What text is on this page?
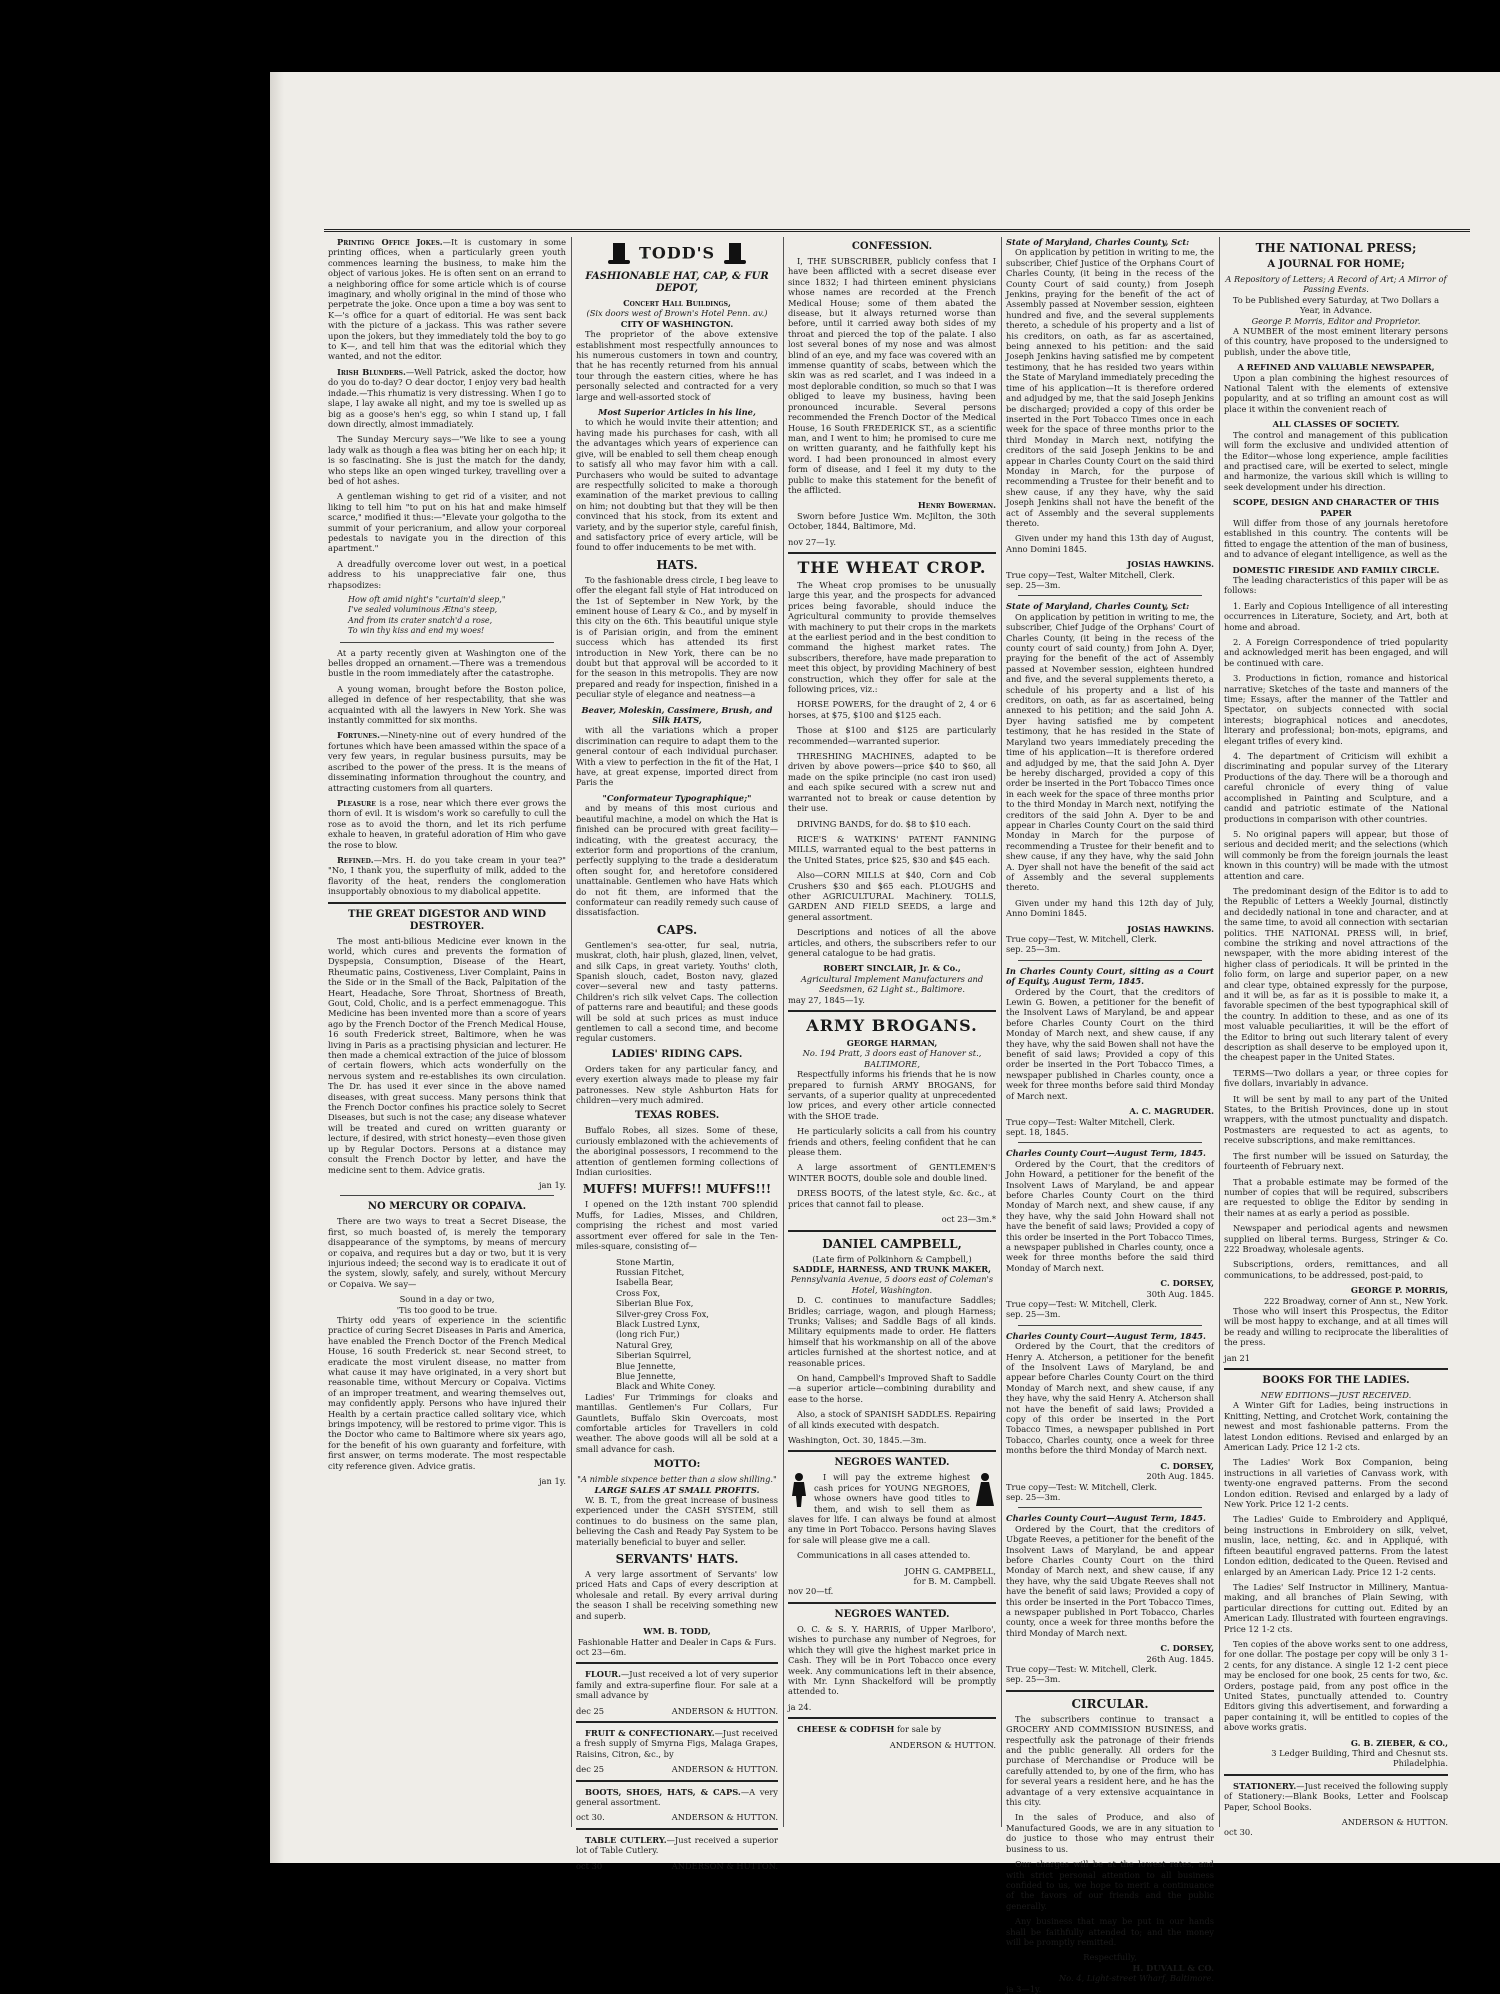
Printing Office Jokes.—It is customary in some printing offices, when a particularly green youth commences learning the business, to make him the object of various jokes. He is often sent on an errand to a neighboring office for some article which is of course imaginary, and wholly original in the mind of those who perpetrate the joke. Once upon a time a boy was sent to K—'s office for a quart of editorial. He was sent back with the picture of a jackass. This was rather severe upon the jokers, but they immediately told the boy to go to K—, and tell him that was the editorial which they wanted, and not the editor.

Irish Blunders.—Well Patrick, asked the doctor, how do you do to-day? O dear doctor, I enjoy very bad health indade.—This rhumatiz is very distressing. When I go to slape, I lay awake all night, and my toe is swelled up as big as a goose's hen's egg, so whin I stand up, I fall down directly, almost immadiately.

The Sunday Mercury says—"We like to see a young lady walk as though a flea was biting her on each hip; it is so fascinating. She is just the match for the dandy, who steps like an open winged turkey, travelling over a bed of hot ashes.

A gentleman wishing to get rid of a visiter, and not liking to tell him "to put on his hat and make himself scarce," modified it thus:—"Elevate your golgotha to the summit of your pericranium, and allow your corporeal pedestals to navigate you in the direction of this apartment."

A dreadfully overcome lover out west, in a poetical address to his unappreciative fair one, thus rhapsodizes:

How oft amid night's "curtain'd sleep,"
I've sealed voluminous Ætna's steep,
And from its crater snatch'd a rose,
To win thy kiss and end my woes!

At a party recently given at Washington one of the belles dropped an ornament.—There was a tremendous bustle in the room immediately after the catastrophe.

A young woman, brought before the Boston police, alleged in defence of her respectability, that she was acquainted with all the lawyers in New York. She was instantly committed for six months.

Fortunes.—Ninety-nine out of every hundred of the fortunes which have been amassed within the space of a very few years, in regular business pursuits, may be ascribed to the power of the press. It is the means of disseminating information throughout the country, and attracting customers from all quarters.

Pleasure is a rose, near which there ever grows the thorn of evil. It is wisdom's work so carefully to cull the rose as to avoid the thorn, and let its rich perfume exhale to heaven, in grateful adoration of Him who gave the rose to blow.

Refined.—Mrs. H. do you take cream in your tea?" "No, I thank you, the superfluity of milk, added to the flavority of the heat, renders the conglomeration insupportably obnoxious to my diabolical appetite.

THE GREAT DIGESTOR AND WIND DESTROYER.

The most anti-bilious Medicine ever known in the world, which cures and prevents the formation of Dyspepsia, Consumption, Disease of the Heart, Rheumatic pains, Costiveness, Liver Complaint, Pains in the Side or in the Small of the Back, Palpitation of the Heart, Headache, Sore Throat, Shortness of Breath, Gout, Cold, Cholic, and is a perfect emmenagogue. This Medicine has been invented more than a score of years ago by the French Doctor of the French Medical House, 16 south Frederick street, Baltimore, when he was living in Paris as a practising physician and lecturer. He then made a chemical extraction of the juice of blossom of certain flowers, which acts wonderfully on the nervous system and re-establishes its own circulation. The Dr. has used it ever since in the above named diseases, with great success. Many persons think that the French Doctor confines his practice solely to Secret Diseases, but such is not the case; any disease whatever will be treated and cured on written guaranty or lecture, if desired, with strict honesty—even those given up by Regular Doctors. Persons at a distance may consult the French Doctor by letter, and have the medicine sent to them. Advice gratis.

jan 1y.
NO MERCURY OR COPAIVA.

There are two ways to treat a Secret Disease, the first, so much boasted of, is merely the temporary disappearance of the symptoms, by means of mercury or copaiva, and requires but a day or two, but it is very injurious indeed; the second way is to eradicate it out of the system, slowly, safely, and surely, without Mercury or Copaiva. We say—

Sound in a day or two,
'Tis too good to be true.

Thirty odd years of experience in the scientific practice of curing Secret Diseases in Paris and America, have enabled the French Doctor of the French Medical House, 16 south Frederick st. near Second street, to eradicate the most virulent disease, no matter from what cause it may have originated, in a very short but reasonable time, without Mercury or Copaiva. Victims of an improper treatment, and wearing themselves out, may confidently apply. Persons who have injured their Health by a certain practice called solitary vice, which brings impotency, will be restored to prime vigor. This is the Doctor who came to Baltimore where six years ago, for the benefit of his own guaranty and forfeiture, with first answer, on terms moderate. The most respectable city reference given. Advice gratis.

jan 1y.
TODD'S
FASHIONABLE HAT, CAP, & FUR DEPOT,
Concert Hall Buildings,
(Six doors west of Brown's Hotel Penn. av.)
CITY OF WASHINGTON.

The proprietor of the above extensive establishment most respectfully announces to his numerous customers in town and country, that he has recently returned from his annual tour through the eastern cities, where he has personally selected and contracted for a very large and well-assorted stock of

Most Superior Articles in his line,

to which he would invite their attention; and having made his purchases for cash, with all the advantages which years of experience can give, will be enabled to sell them cheap enough to satisfy all who may favor him with a call. Purchasers who would be suited to advantage are respectfully solicited to make a thorough examination of the market previous to calling on him; not doubting but that they will be then convinced that his stock, from its extent and variety, and by the superior style, careful finish, and satisfactory price of every article, will be found to offer inducements to be met with.

HATS.

To the fashionable dress circle, I beg leave to offer the elegant fall style of Hat introduced on the 1st of September in New York, by the eminent house of Leary & Co., and by myself in this city on the 6th. This beautiful unique style is of Parisian origin, and from the eminent success which has attended its first introduction in New York, there can be no doubt but that approval will be accorded to it for the season in this metropolis. They are now prepared and ready for inspection, finished in a peculiar style of elegance and neatness—a

Beaver, Moleskin, Cassimere, Brush, and Silk HATS,

with all the variations which a proper discrimination can require to adapt them to the general contour of each individual purchaser. With a view to perfection in the fit of the Hat, I have, at great expense, imported direct from Paris the

"Conformateur Typographique;"

and by means of this most curious and beautiful machine, a model on which the Hat is finished can be procured with great facility—indicating, with the greatest accuracy, the exterior form and proportions of the cranium, perfectly supplying to the trade a desideratum often sought for, and heretofore considered unattainable. Gentlemen who have Hats which do not fit them, are informed that the conformateur can readily remedy such cause of dissatisfaction.

CAPS.

Gentlemen's sea-otter, fur seal, nutria, muskrat, cloth, hair plush, glazed, linen, velvet, and silk Caps, in great variety. Youths' cloth, Spanish slouch, cadet, Boston navy, glazed cover—several new and tasty patterns. Children's rich silk velvet Caps. The collection of patterns rare and beautiful; and these goods will be sold at such prices as must induce gentlemen to call a second time, and become regular customers.

LADIES' RIDING CAPS.

Orders taken for any particular fancy, and every exertion always made to please my fair patronesses. New style Ashburton Hats for children—very much admired.

TEXAS ROBES.

Buffalo Robes, all sizes. Some of these, curiously emblazoned with the achievements of the aboriginal possessors, I recommend to the attention of gentlemen forming collections of Indian curiosities.

MUFFS! MUFFS!! MUFFS!!!

I opened on the 12th instant 700 splendid Muffs, for Ladies, Misses, and Children, comprising the richest and most varied assortment ever offered for sale in the Ten-miles-square, consisting of—

Stone Martin,
Russian Fitchet,
Isabella Bear,
Cross Fox,
Siberian Blue Fox,
Silver-grey Cross Fox,
Black Lustred Lynx,
(long rich Fur,)
Natural Grey,
Siberian Squirrel,
Blue Jennette,
Blue Jennette,
Black and White Coney.

Ladies' Fur Trimmings for cloaks and mantillas. Gentlemen's Fur Collars, Fur Gauntlets, Buffalo Skin Overcoats, most comfortable articles for Travellers in cold weather. The above goods will all be sold at a small advance for cash.

MOTTO:
"A nimble sixpence better than a slow shilling."
LARGE SALES AT SMALL PROFITS.

W. B. T., from the great increase of business experienced under the CASH SYSTEM, still continues to do business on the same plan, believing the Cash and Ready Pay System to be materially beneficial to buyer and seller.

SERVANTS' HATS.

A very large assortment of Servants' low priced Hats and Caps of every description at wholesale and retail. By every arrival during the season I shall be receiving something new and superb.

WM. B. TODD,
Fashionable Hatter and Dealer in Caps & Furs.
oct 23—6m.

FLOUR.—Just received a lot of very superior family and extra-superfine flour. For sale at a small advance by

dec 25	ANDERSON & HUTTON.

FRUIT & CONFECTIONARY.—Just received a fresh supply of Smyrna Figs, Malaga Grapes, Raisins, Citron, &c., by

dec 25	ANDERSON & HUTTON.

BOOTS, SHOES, HATS, & CAPS.—A very general assortment.

oct 30.	ANDERSON & HUTTON.

TABLE CUTLERY.—Just received a superior lot of Table Cutlery.

oct 30	ANDERSON & HUTTON.
CONFESSION.

I, THE SUBSCRIBER, publicly confess that I have been afflicted with a secret disease ever since 1832; I had thirteen eminent physicians whose names are recorded at the French Medical House; some of them abated the disease, but it always returned worse than before, until it carried away both sides of my throat and pierced the top of the palate. I also lost several bones of my nose and was almost blind of an eye, and my face was covered with an immense quantity of scabs, between which the skin was as red scarlet, and I was indeed in a most deplorable condition, so much so that I was obliged to leave my business, having been pronounced incurable. Several persons recommended the French Doctor of the Medical House, 16 South FREDERICK ST., as a scientific man, and I went to him; he promised to cure me on written guaranty, and he faithfully kept his word. I had been pronounced in almost every form of disease, and I feel it my duty to the public to make this statement for the benefit of the afflicted.

Henry Bowerman.

Sworn before Justice Wm. McJilton, the 30th October, 1844, Baltimore, Md.

nov 27—1y.
THE WHEAT CROP.

The Wheat crop promises to be unusually large this year, and the prospects for advanced prices being favorable, should induce the Agricultural community to provide themselves with machinery to put their crops in the markets at the earliest period and in the best condition to command the highest market rates. The subscribers, therefore, have made preparation to meet this object, by providing Machinery of best construction, which they offer for sale at the following prices, viz.:

HORSE POWERS, for the draught of 2, 4 or 6 horses, at $75, $100 and $125 each.

Those at $100 and $125 are particularly recommended—warranted superior.

THRESHING MACHINES, adapted to be driven by above powers—price $40 to $60, all made on the spike principle (no cast iron used) and each spike secured with a screw nut and warranted not to break or cause detention by their use.

DRIVING BANDS, for do. $8 to $10 each.

RICE'S & WATKINS' PATENT FANNING MILLS, warranted equal to the best patterns in the United States, price $25, $30 and $45 each.

Also—CORN MILLS at $40, Corn and Cob Crushers $30 and $65 each. PLOUGHS and other AGRICULTURAL Machinery. TOLLS, GARDEN AND FIELD SEEDS, a large and general assortment.

Descriptions and notices of all the above articles, and others, the subscribers refer to our general catalogue to be had gratis.

ROBERT SINCLAIR, Jr. & Co.,
Agricultural Implement Manufacturers and Seedsmen, 62 Light st., Baltimore.
may 27, 1845—1y.
ARMY BROGANS.
GEORGE HARMAN,
No. 194 Pratt, 3 doors east of Hanover st., BALTIMORE,

Respectfully informs his friends that he is now prepared to furnish ARMY BROGANS, for servants, of a superior quality at unprecedented low prices, and every other article connected with the SHOE trade.

He particularly solicits a call from his country friends and others, feeling confident that he can please them.

A large assortment of GENTLEMEN'S WINTER BOOTS, double sole and double lined.

DRESS BOOTS, of the latest style, &c. &c., at prices that cannot fail to please.

oct 23—3m.*
DANIEL CAMPBELL,
(Late firm of Polkinhorn & Campbell,)
SADDLE, HARNESS, AND TRUNK MAKER,
Pennsylvania Avenue, 5 doors east of Coleman's Hotel, Washington.

D. C. continues to manufacture Saddles; Bridles; carriage, wagon, and plough Harness; Trunks; Valises; and Saddle Bags of all kinds. Military equipments made to order. He flatters himself that his workmanship on all of the above articles furnished at the shortest notice, and at reasonable prices.

On hand, Campbell's Improved Shaft to Saddle—a superior article—combining durability and ease to the horse.

Also, a stock of SPANISH SADDLES. Repairing of all kinds executed with despatch.

Washington, Oct. 30, 1845.—3m.
NEGROES WANTED.

I will pay the extreme highest cash prices for YOUNG NEGROES, whose owners have good titles to them, and wish to sell them as slaves for life. I can always be found at almost any time in Port Tobacco. Persons having Slaves for sale will please give me a call.

Communications in all cases attended to.

JOHN G. CAMPBELL,
for B. M. Campbell.
nov 20—tf.
NEGROES WANTED.

O. C. & S. Y. HARRIS, of Upper Marlboro', wishes to purchase any number of Negroes, for which they will give the highest market price in Cash. They will be in Port Tobacco once every week. Any communications left in their absence, with Mr. Lynn Shackelford will be promptly attended to.

ja 24.

CHEESE & CODFISH for sale by

ANDERSON & HUTTON.
State of Maryland, Charles County, Sct:

On application by petition in writing to me, the subscriber, Chief Justice of the Orphans Court of Charles County, (it being in the recess of the County Court of said county,) from Joseph Jenkins, praying for the benefit of the act of Assembly passed at November session, eighteen hundred and five, and the several supplements thereto, a schedule of his property and a list of his creditors, on oath, as far as ascertained, being annexed to his petition: and the said Joseph Jenkins having satisfied me by competent testimony, that he has resided two years within the State of Maryland immediately preceding the time of his application—It is therefore ordered and adjudged by me, that the said Joseph Jenkins be discharged; provided a copy of this order be inserted in the Port Tobacco Times once in each week for the space of three months prior to the third Monday in March next, notifying the creditors of the said Joseph Jenkins to be and appear in Charles County Court on the said third Monday in March, for the purpose of recommending a Trustee for their benefit and to shew cause, if any they have, why the said Joseph Jenkins shall not have the benefit of the act of Assembly and the several supplements thereto.

Given under my hand this 13th day of August, Anno Domini 1845.

JOSIAS HAWKINS.
True copy—Test, Walter Mitchell, Clerk.
sep. 25—3m.
State of Maryland, Charles County, Sct:

On application by petition in writing to me, the subscriber, Chief Judge of the Orphans' Court of Charles County, (it being in the recess of the county court of said county,) from John A. Dyer, praying for the benefit of the act of Assembly passed at November session, eighteen hundred and five, and the several supplements thereto, a schedule of his property and a list of his creditors, on oath, as far as ascertained, being annexed to his petition; and the said John A. Dyer having satisfied me by competent testimony, that he has resided in the State of Maryland two years immediately preceding the time of his application—It is therefore ordered and adjudged by me, that the said John A. Dyer be hereby discharged, provided a copy of this order be inserted in the Port Tobacco Times once in each week for the space of three months prior to the third Monday in March next, notifying the creditors of the said John A. Dyer to be and appear in Charles County Court on the said third Monday in March for the purpose of recommending a Trustee for their benefit and to shew cause, if any they have, why the said John A. Dyer shall not have the benefit of the said act of Assembly and the several supplements thereto.

Given under my hand this 12th day of July, Anno Domini 1845.

JOSIAS HAWKINS.
True copy—Test, W. Mitchell, Clerk.
sep. 25—3m.
In Charles County Court, sitting as a Court of Equity, August Term, 1845.

Ordered by the Court, that the creditors of Lewin G. Bowen, a petitioner for the benefit of the Insolvent Laws of Maryland, be and appear before Charles County Court on the third Monday of March next, and shew cause, if any they have, why the said Bowen shall not have the benefit of said laws; Provided a copy of this order be inserted in the Port Tobacco Times, a newspaper published in Charles county, once a week for three months before said third Monday of March next.

A. C. MAGRUDER.
True copy—Test: Walter Mitchell, Clerk.
sept. 18, 1845.
Charles County Court—August Term, 1845.

Ordered by the Court, that the creditors of John Howard, a petitioner for the benefit of the Insolvent Laws of Maryland, be and appear before Charles County Court on the third Monday of March next, and shew cause, if any they have, why the said John Howard shall not have the benefit of said laws; Provided a copy of this order be inserted in the Port Tobacco Times, a newspaper published in Charles county, once a week for three months before the said third Monday of March next.

C. DORSEY,
30th Aug. 1845.
True copy—Test: W. Mitchell, Clerk.
sep. 25—3m.
Charles County Court—August Term, 1845.

Ordered by the Court, that the creditors of Henry A. Atcherson, a petitioner for the benefit of the Insolvent Laws of Maryland, be and appear before Charles County Court on the third Monday of March next, and shew cause, if any they have, why the said Henry A. Atcherson shall not have the benefit of said laws; Provided a copy of this order be inserted in the Port Tobacco Times, a newspaper published in Port Tobacco, Charles county, once a week for three months before the third Monday of March next.

C. DORSEY,
20th Aug. 1845.
True copy—Test: W. Mitchell, Clerk.
sep. 25—3m.
Charles County Court—August Term, 1845.

Ordered by the Court, that the creditors of Ubgate Reeves, a petitioner for the benefit of the Insolvent Laws of Maryland, be and appear before Charles County Court on the third Monday of March next, and shew cause, if any they have, why the said Ubgate Reeves shall not have the benefit of said laws; Provided a copy of this order be inserted in the Port Tobacco Times, a newspaper published in Port Tobacco, Charles county, once a week for three months before the third Monday of March next.

C. DORSEY,
26th Aug. 1845.
True copy—Test: W. Mitchell, Clerk.
sep. 25—3m.
CIRCULAR.

The subscribers continue to transact a GROCERY AND COMMISSION BUSINESS, and respectfully ask the patronage of their friends and the public generally. All orders for the purchase of Merchandise or Produce will be carefully attended to, by one of the firm, who has for several years a resident here, and he has the advantage of a very extensive acquaintance in this city.

In the sales of Produce, and also of Manufactured Goods, we are in any situation to do justice to those who may entrust their business to us.

Our charges will be at the lowest rates, and with strict personal attention to all business confided to us, we hope to merit a continuance of the favors of our friends and the public generally.

Any business that may be put in our hands shall be faithfully attended to; and the money will be promptly remitted.

Respectfully,
H. DUVALL & CO.
No. 4, Light-street Wharf, Baltimore.
ja 3—1y.
THE NATIONAL PRESS;
A JOURNAL FOR HOME;
A Repository of Letters; A Record of Art; A Mirror of Passing Events.
To be Published every Saturday, at Two Dollars a Year, in Advance.
George P. Morris, Editor and Proprietor.

A NUMBER of the most eminent literary persons of this country, have proposed to the undersigned to publish, under the above title,

A REFINED AND VALUABLE NEWSPAPER,

Upon a plan combining the highest resources of National Talent with the elements of extensive popularity, and at so trifling an amount cost as will place it within the convenient reach of

ALL CLASSES OF SOCIETY.

The control and management of this publication will form the exclusive and undivided attention of the Editor—whose long experience, ample facilities and practised care, will be exerted to select, mingle and harmonize, the various skill which is willing to seek development under his direction.

SCOPE, DESIGN AND CHARACTER OF THIS PAPER

Will differ from those of any journals heretofore established in this country. The contents will be fitted to engage the attention of the man of business, and to advance of elegant intelligence, as well as the

DOMESTIC FIRESIDE AND FAMILY CIRCLE.

The leading characteristics of this paper will be as follows:

1. Early and Copious Intelligence of all interesting occurrences in Literature, Society, and Art, both at home and abroad.

2. A Foreign Correspondence of tried popularity and acknowledged merit has been engaged, and will be continued with care.

3. Productions in fiction, romance and historical narrative; Sketches of the taste and manners of the time; Essays, after the manner of the Tattler and Spectator, on subjects connected with social interests; biographical notices and anecdotes, literary and professional; bon-mots, epigrams, and elegant trifles of every kind.

4. The department of Criticism will exhibit a discriminating and popular survey of the Literary Productions of the day. There will be a thorough and careful chronicle of every thing of value accomplished in Painting and Sculpture, and a candid and patriotic estimate of the National productions in comparison with other countries.

5. No original papers will appear, but those of serious and decided merit; and the selections (which will commonly be from the foreign journals the least known in this country) will be made with the utmost attention and care.

The predominant design of the Editor is to add to the Republic of Letters a Weekly Journal, distinctly and decidedly national in tone and character, and at the same time, to avoid all connection with sectarian politics. THE NATIONAL PRESS will, in brief, combine the striking and novel attractions of the newspaper, with the more abiding interest of the higher class of periodicals. It will be printed in the folio form, on large and superior paper, on a new and clear type, obtained expressly for the purpose, and it will be, as far as it is possible to make it, a favorable specimen of the best typographical skill of the country. In addition to these, and as one of its most valuable peculiarities, it will be the effort of the Editor to bring out such literary talent of every description as shall deserve to be employed upon it, the cheapest paper in the United States.

TERMS—Two dollars a year, or three copies for five dollars, invariably in advance.

It will be sent by mail to any part of the United States, to the British Provinces, done up in stout wrappers, with the utmost punctuality and dispatch. Postmasters are requested to act as agents, to receive subscriptions, and make remittances.

The first number will be issued on Saturday, the fourteenth of February next.

That a probable estimate may be formed of the number of copies that will be required, subscribers are requested to oblige the Editor by sending in their names at as early a period as possible.

Newspaper and periodical agents and newsmen supplied on liberal terms. Burgess, Stringer & Co. 222 Broadway, wholesale agents.

Subscriptions, orders, remittances, and all communications, to be addressed, post-paid, to

GEORGE P. MORRIS,
222 Broadway, corner of Ann st., New York.

Those who will insert this Prospectus, the Editor will be most happy to exchange, and at all times will be ready and willing to reciprocate the liberalities of the press.

jan 21
BOOKS FOR THE LADIES.
NEW EDITIONS—JUST RECEIVED.

A Winter Gift for Ladies, being instructions in Knitting, Netting, and Crotchet Work, containing the newest and most fashionable patterns. From the latest London editions. Revised and enlarged by an American Lady. Price 12 1-2 cts.

The Ladies' Work Box Companion, being instructions in all varieties of Canvass work, with twenty-one engraved patterns. From the second London edition. Revised and enlarged by a lady of New York. Price 12 1-2 cents.

The Ladies' Guide to Embroidery and Appliqué, being instructions in Embroidery on silk, velvet, muslin, lace, netting, &c. and in Appliqué, with fifteen beautiful engraved patterns. From the latest London edition, dedicated to the Queen. Revised and enlarged by an American Lady. Price 12 1-2 cents.

The Ladies' Self Instructor in Millinery, Mantua-making, and all branches of Plain Sewing, with particular directions for cutting out. Edited by an American Lady. Illustrated with fourteen engravings. Price 12 1-2 cts.

Ten copies of the above works sent to one address, for one dollar. The postage per copy will be only 3 1-2 cents, for any distance. A single 12 1-2 cent piece may be enclosed for one book, 25 cents for two, &c. Orders, postage paid, from any post office in the United States, punctually attended to. Country Editors giving this advertisement, and forwarding a paper containing it, will be entitled to copies of the above works gratis.

G. B. ZIEBER, & CO.,
3 Ledger Building, Third and Chesnut sts. Philadelphia.

STATIONERY.—Just received the following supply of Stationery:—Blank Books, Letter and Foolscap Paper, School Books.

ANDERSON & HUTTON.
oct 30.
